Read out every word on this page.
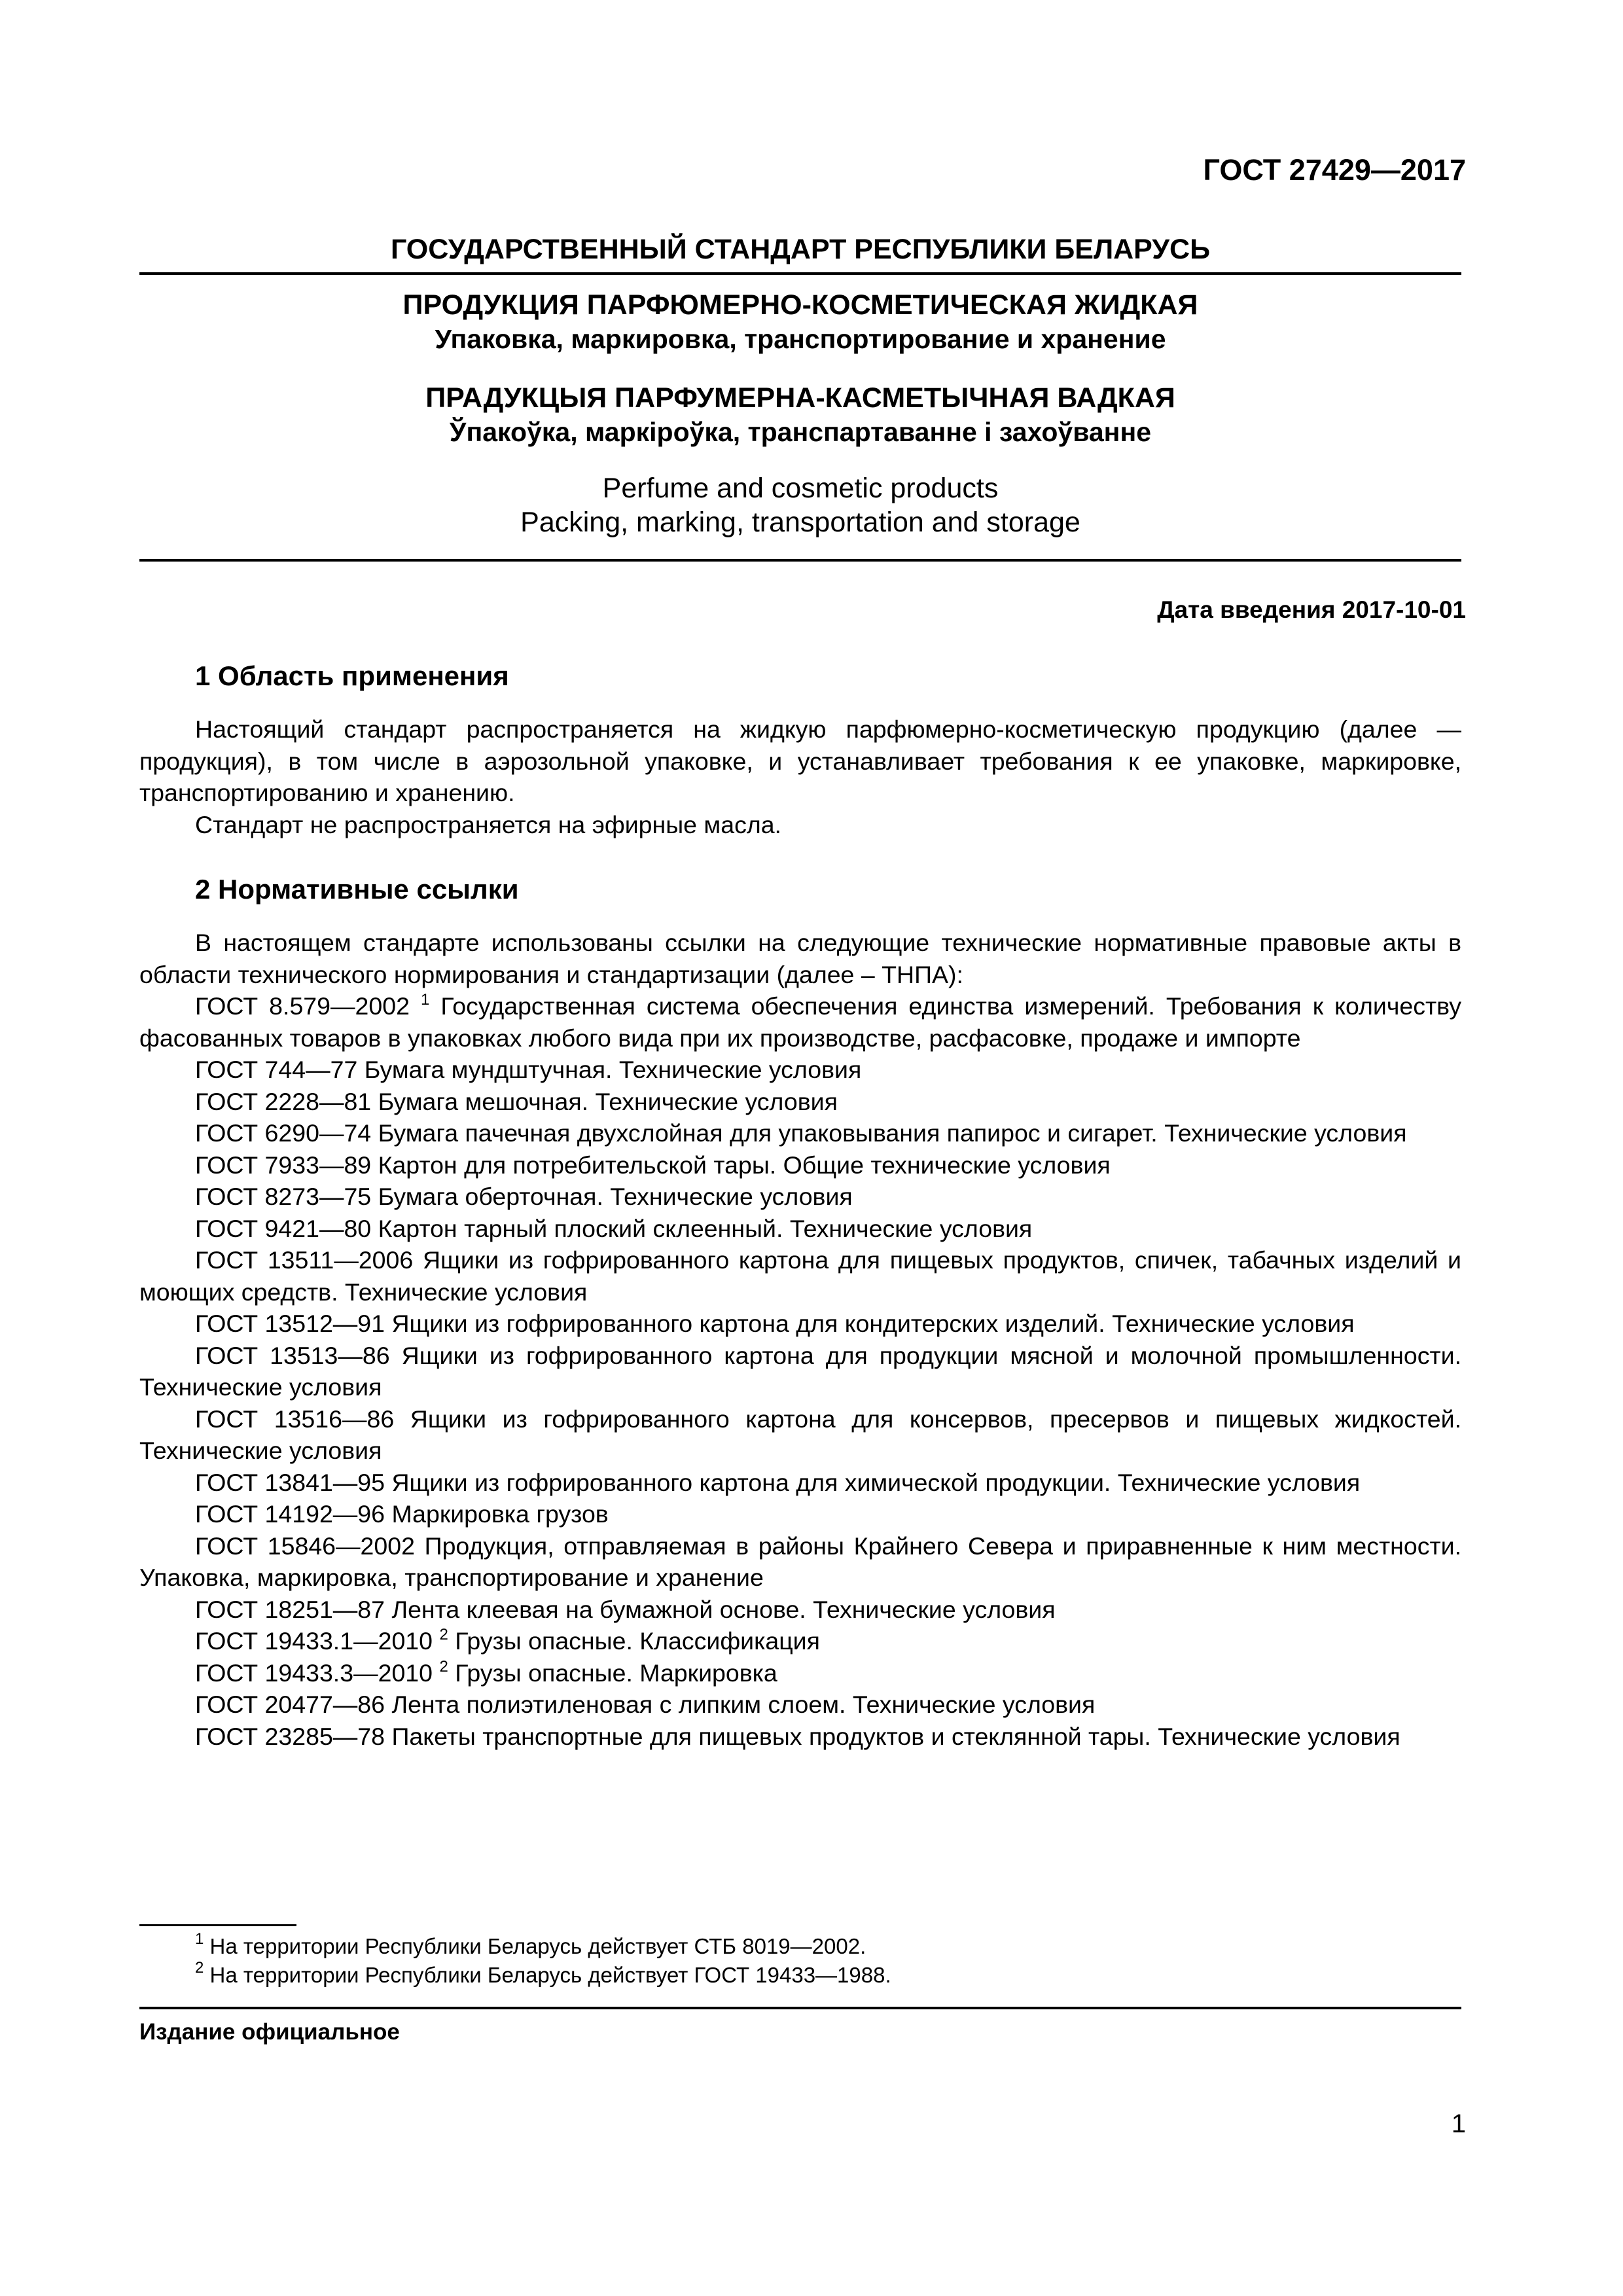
ГОСТ 27429—2017

ГОСУДАРСТВЕННЫЙ СТАНДАРТ РЕСПУБЛИКИ БЕЛАРУСЬ

ПРОДУКЦИЯ ПАРФЮМЕРНО-КОСМЕТИЧЕСКАЯ ЖИДКАЯ

Упаковка, маркировка, транспортирование и хранение

ПРАДУКЦЫЯ ПАРФУМЕРНА-КАСМЕТЫЧНАЯ ВАДКАЯ

Ўпакоўка, маркіроўка, транспартаванне і захоўванне

Perfume and cosmetic products

Packing, marking, transportation and storage

Дата введения 2017-10-01

1 Область применения

Настоящий стандарт распространяется на жидкую парфюмерно-косметическую продукцию (далее — продукция), в том числе в аэрозольной упаковке, и устанавливает требования к ее упаковке, маркировке, транспортированию и хранению.

Стандарт не распространяется на эфирные масла.

2 Нормативные ссылки

В настоящем стандарте использованы ссылки на следующие технические нормативные правовые акты в области технического нормирования и стандартизации (далее – ТНПА):

ГОСТ 8.579—2002 $^1$ Государственная система обеспечения единства измерений. Требования к количеству фасованных товаров в упаковках любого вида при их производстве, расфасовке, продаже и импорте

ГОСТ 744—77 Бумага мундштучная. Технические условия

ГОСТ 2228—81 Бумага мешочная. Технические условия

ГОСТ 6290—74 Бумага пачечная двухслойная для упаковывания папирос и сигарет. Технические условия

ГОСТ 7933—89 Картон для потребительской тары. Общие технические условия

ГОСТ 8273—75 Бумага оберточная. Технические условия

ГОСТ 9421—80 Картон тарный плоский склеенный. Технические условия

ГОСТ 13511—2006 Ящики из гофрированного картона для пищевых продуктов, спичек, табачных изделий и моющих средств. Технические условия

ГОСТ 13512—91 Ящики из гофрированного картона для кондитерских изделий. Технические условия

ГОСТ 13513—86 Ящики из гофрированного картона для продукции мясной и молочной промышленности. Технические условия

ГОСТ 13516—86 Ящики из гофрированного картона для консервов, пресервов и пищевых жидкостей. Технические условия

ГОСТ 13841—95 Ящики из гофрированного картона для химической продукции. Технические условия

ГОСТ 14192—96 Маркировка грузов

ГОСТ 15846—2002 Продукция, отправляемая в районы Крайнего Севера и приравненные к ним местности. Упаковка, маркировка, транспортирование и хранение

ГОСТ 18251—87 Лента клеевая на бумажной основе. Технические условия

ГОСТ 19433.1—2010 $^2$ Грузы опасные. Классификация

ГОСТ 19433.3—2010 $^2$ Грузы опасные. Маркировка

ГОСТ 20477—86 Лента полиэтиленовая с липким слоем. Технические условия

ГОСТ 23285—78 Пакеты транспортные для пищевых продуктов и стеклянной тары. Технические условия

$^1$ На территории Республики Беларусь действует СТБ 8019—2002.

$^2$ На территории Республики Беларусь действует ГОСТ 19433—1988.

Издание официальное

1
